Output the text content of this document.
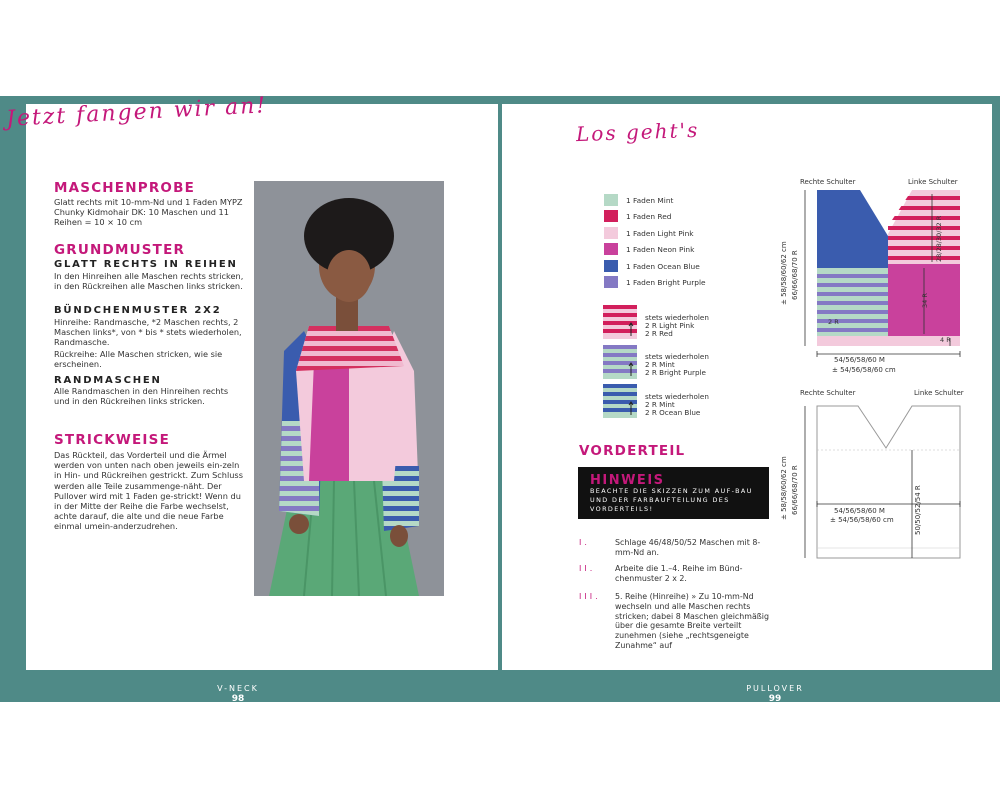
Jetzt fangen wir an!
MASCHENPROBE
Glatt rechts mit 10-mm-Nd und 1 Faden MYPZ Chunky Kidmohair DK: 10 Maschen und 11 Reihen = 10 × 10 cm
GRUNDMUSTER
GLATT RECHTS IN REIHEN
In den Hinreihen alle Maschen rechts stricken, in den Rückreihen alle Maschen links stricken.
BÜNDCHENMUSTER 2X2
Hinreihe: Randmasche, *2 Maschen rechts, 2 Maschen links*, von * bis * stets wiederholen, Randmasche.
Rückreihe: Alle Maschen stricken, wie sie erscheinen.
RANDMASCHEN
Alle Randmaschen in den Hinreihen rechts und in den Rückreihen links stricken.
STRICKWEISE
Das Rückteil, das Vorderteil und die Ärmel werden von unten nach oben jeweils ein-zeln in Hin- und Rückreihen gestrickt. Zum Schluss werden alle Teile zusammenge-näht. Der Pullover wird mit 1 Faden ge-strickt! Wenn du in der Mitte der Reihe die Farbe wechselst, achte darauf, die alte und die neue Farbe einmal umein-anderzudrehen.
V-NECK
98
Los geht's
1 Faden Mint
1 Faden Red
1 Faden Light Pink
1 Faden Neon Pink
1 Faden Ocean Blue
1 Faden Bright Purple
stets wiederholen
2 R Light Pink
2 R Red
stets wiederholen
2 R Mint
2 R Bright Purple
stets wiederholen
2 R Mint
2 R Ocean Blue
VORDERTEIL
HINWEIS
BEACHTE DIE SKIZZEN ZUM AUF-BAU UND DER FARBAUFTEILUNG DES VORDERTEILS!
I.	Schlage 46/48/50/52 Maschen mit 8-mm-Nd an.
II. Arbeite die 1.–4. Reihe im Bünd-chenmuster 2 x 2.
III. 5. Reihe (Hinreihe) » Zu 10-mm-Nd wechseln und alle Maschen rechts stricken; dabei 8 Maschen gleichmäßig über die gesamte Breite verteilt zunehmen (siehe „rechtsgeneigte Zunahme“ auf
Rechte Schulter	Linke Schulter
± 58/58/60/62 cm 66/66/68/70 R
28/28/30/32 R
34 R
2 R
4 R
54/56/58/60 M
± 54/56/58/60 cm
Rechte Schulter	Linke Schulter
± 58/58/60/62 cm 66/66/68/70 R	50/50/52/54 R
54/56/58/60 M
± 54/56/58/60 cm
PULLOVER
99
